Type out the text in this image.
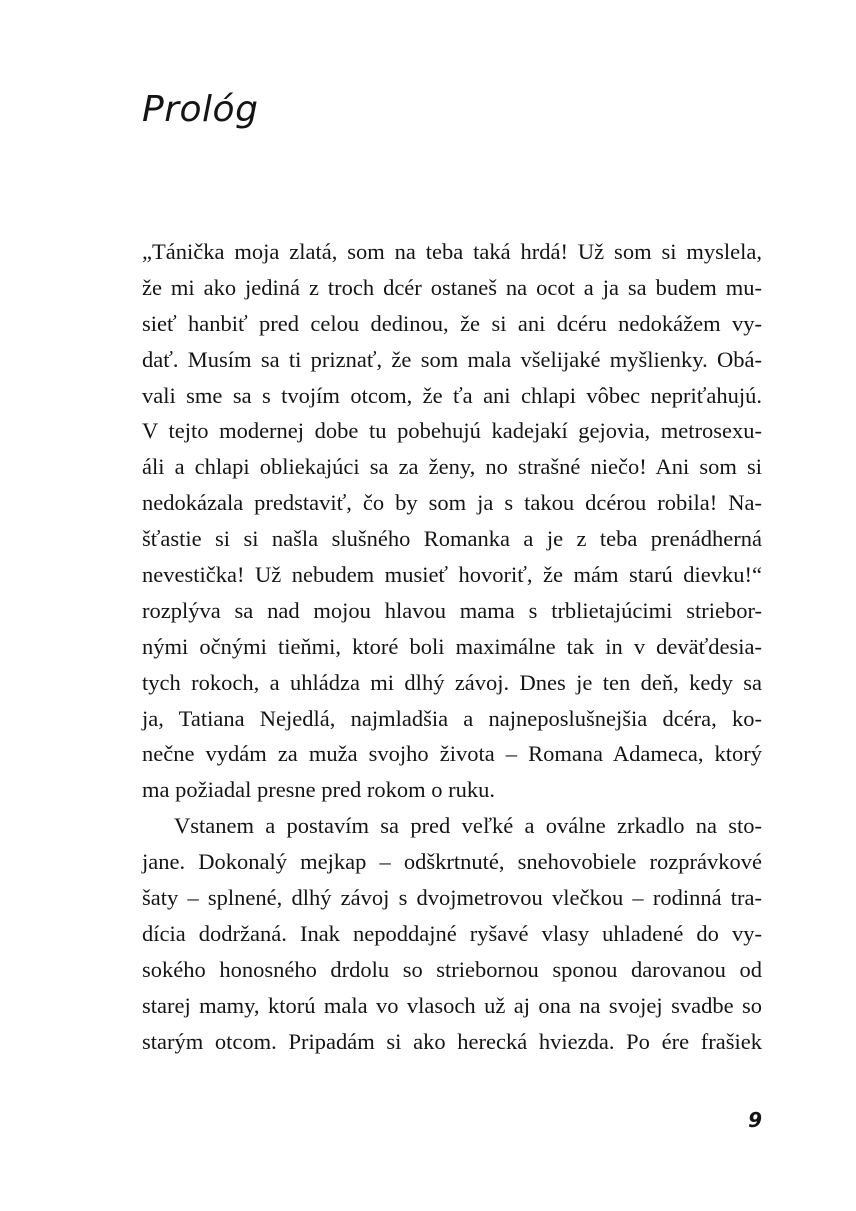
Prológ
„Tánička moja zlatá, som na teba taká hrdá! Už som si myslela,
že mi ako jediná z troch dcér ostaneš na ocot a ja sa budem mu-
sieť hanbiť pred celou dedinou, že si ani dcéru nedokážem vy-
dať. Musím sa ti priznať, že som mala všelijaké myšlienky. Obá-
vali sme sa s tvojím otcom, že ťa ani chlapi vôbec nepriťahujú.
V tejto modernej dobe tu pobehujú kadejakí gejovia, metrosexu-
áli a chlapi obliekajúci sa za ženy, no strašné niečo! Ani som si
nedokázala predstaviť, čo by som ja s takou dcérou robila! Na-
šťastie si si našla slušného Romanka a je z teba prenádherná
nevestička! Už nebudem musieť hovoriť, že mám starú dievku!“
rozplýva sa nad mojou hlavou mama s trblietajúcimi striebor-
nými očnými tieňmi, ktoré boli maximálne tak in v deväťdesia-
tych rokoch, a uhládza mi dlhý závoj. Dnes je ten deň, kedy sa
ja, Tatiana Nejedlá, najmladšia a najneposlušnejšia dcéra, ko-
nečne vydám za muža svojho života – Romana Adameca, ktorý
ma požiadal presne pred rokom o ruku.
Vstanem a postavím sa pred veľké a oválne zrkadlo na sto-
jane. Dokonalý mejkap – odškrtnuté, snehovobiele rozprávkové
šaty – splnené, dlhý závoj s dvojmetrovou vlečkou – rodinná tra-
dícia dodržaná. Inak nepoddajné ryšavé vlasy uhladené do vy-
sokého honosného drdolu so striebornou sponou darovanou od
starej mamy, ktorú mala vo vlasoch už aj ona na svojej svadbe so
starým otcom. Pripadám si ako herecká hviezda. Po ére frašiek
9
